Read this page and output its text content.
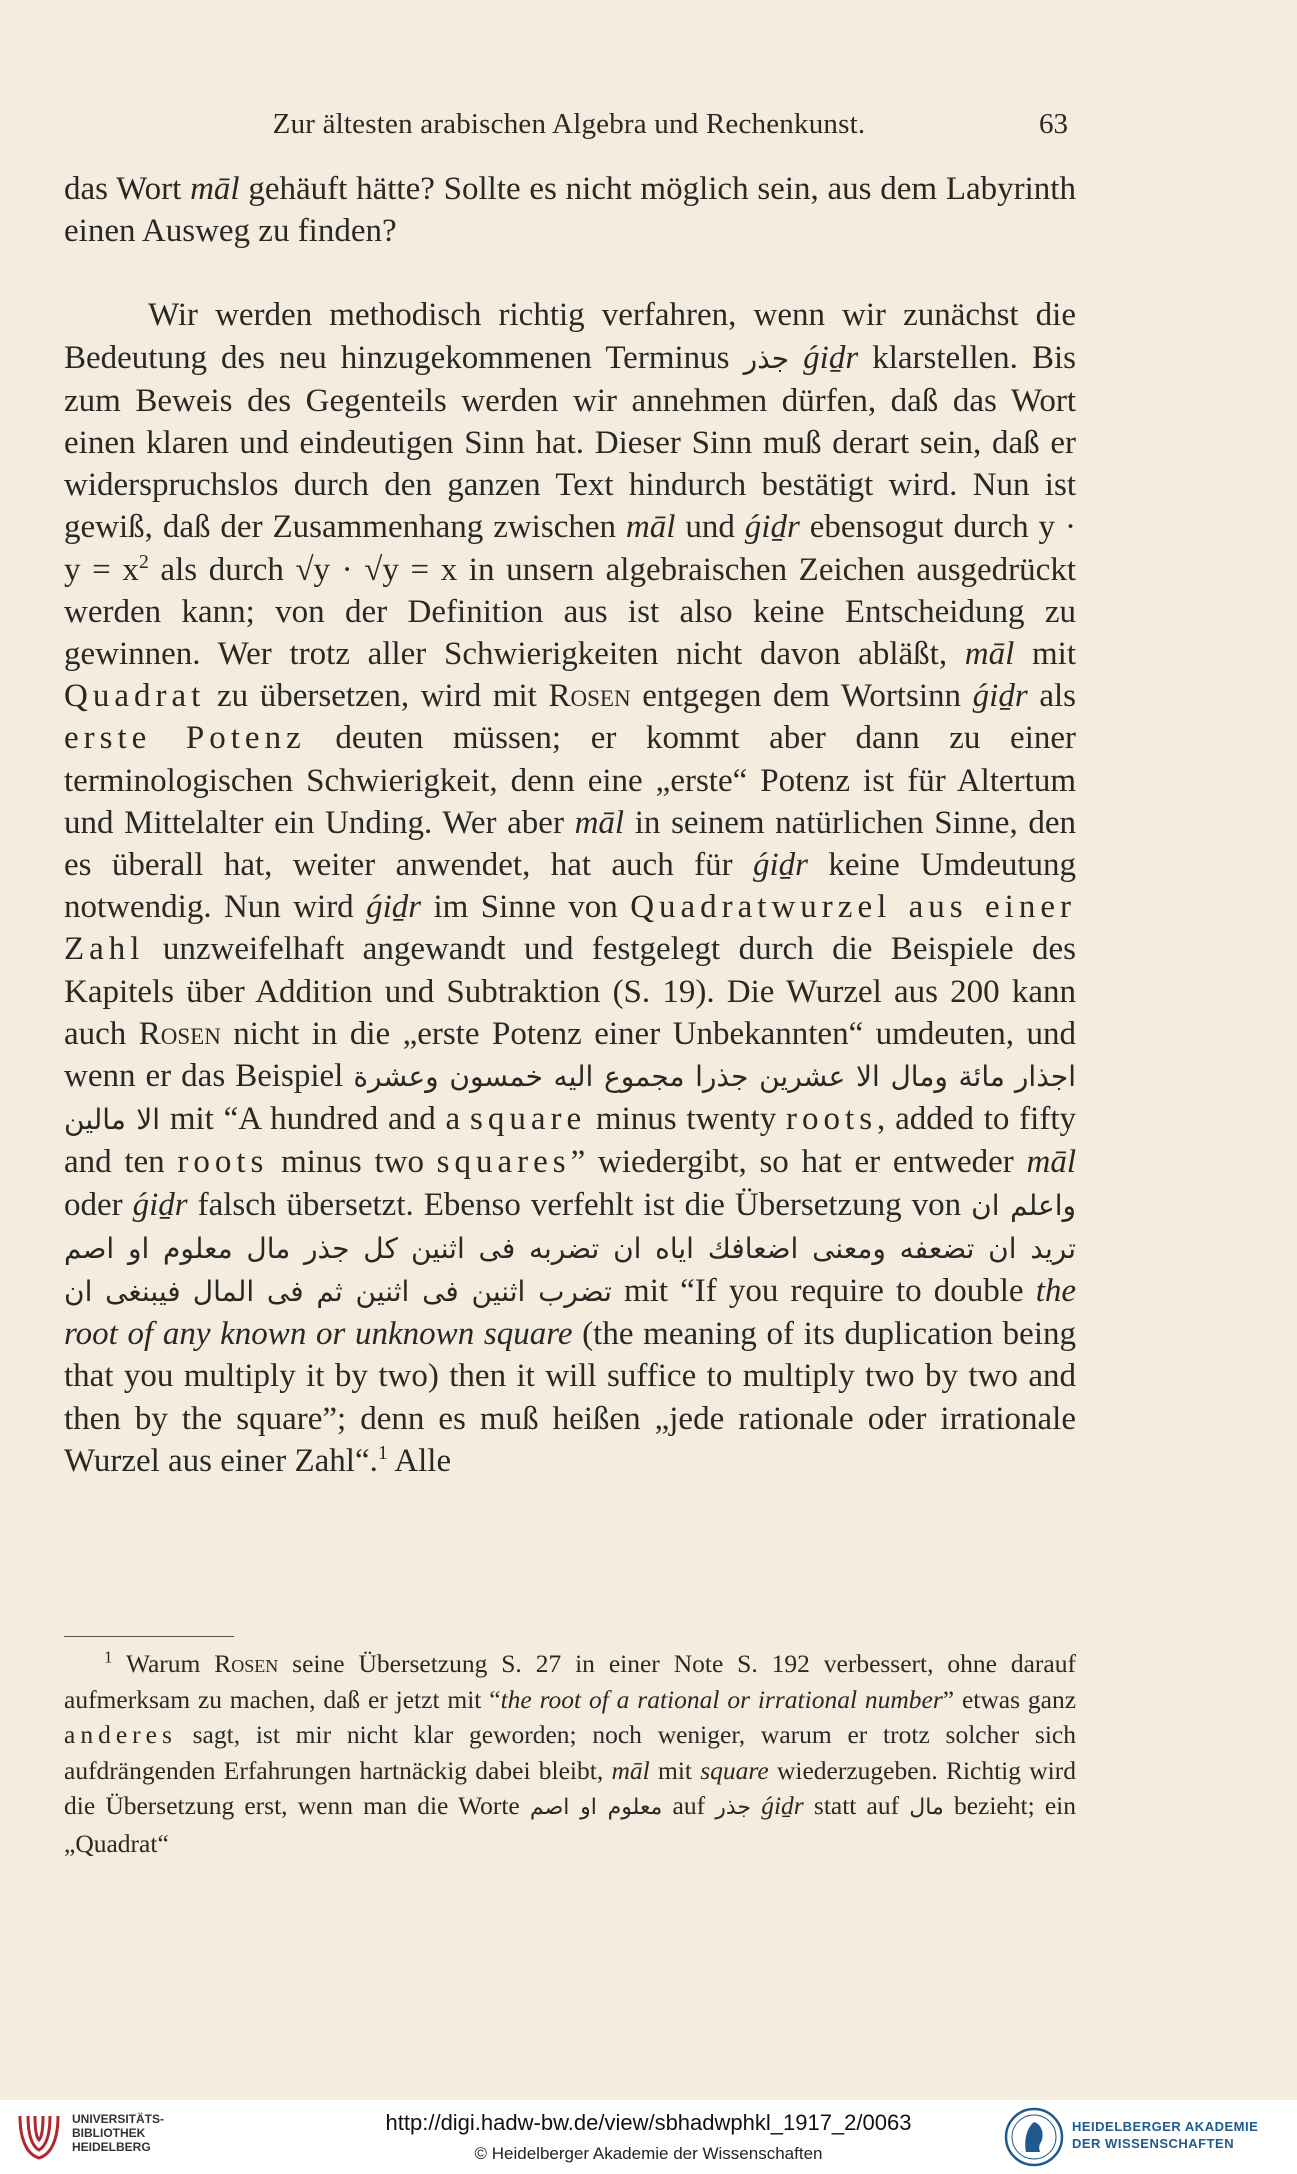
Zur ältesten arabischen Algebra und Rechenkunst.	63

das Wort māl gehäuft hätte? Sollte es nicht möglich sein, aus dem Labyrinth einen Ausweg zu finden?

Wir werden methodisch richtig verfahren, wenn wir zunächst die Bedeutung des neu hinzugekommenen Terminus جذر ǵiḏr klarstellen. Bis zum Beweis des Gegenteils werden wir annehmen dürfen, daß das Wort einen klaren und eindeutigen Sinn hat. Dieser Sinn muß derart sein, daß er widerspruchslos durch den ganzen Text hindurch bestätigt wird. Nun ist gewiß, daß der Zusammenhang zwischen māl und ǵiḏr ebensogut durch $y \cdot y = x^2$ als durch √y · √y = x in unsern algebraischen Zeichen ausgedrückt werden kann; von der Definition aus ist also keine Entscheidung zu gewinnen. Wer trotz aller Schwierigkeiten nicht davon abläßt, māl mit Quadrat zu übersetzen, wird mit Rosen entgegen dem Wortsinn ǵiḏr als erste Potenz deuten müssen; er kommt aber dann zu einer terminologischen Schwierigkeit, denn eine „erste“ Potenz ist für Altertum und Mittelalter ein Unding. Wer aber māl in seinem natürlichen Sinne, den es überall hat, weiter anwendet, hat auch für ǵiḏr keine Umdeutung notwendig. Nun wird ǵiḏr im Sinne von Quadratwurzel aus einer Zahl unzweifelhaft angewandt und festgelegt durch die Beispiele des Kapitels über Addition und Subtraktion (S. 19). Die Wurzel aus 200 kann auch Rosen nicht in die „erste Potenz einer Unbekannten“ umdeuten, und wenn er das Beispiel مائة ومال الا عشرين جذرا مجموع اليه خمسون وعشرة اجذار الا مالين mit “A hundred and a square minus twenty roots, added to fifty and ten roots minus two squares” wiedergibt, so hat er entweder māl oder ǵiḏr falsch übersetzt. Ebenso verfehlt ist die Übersetzung von واعلم ان كل جذر مال معلوم او اصم تريد ان تضعفه ومعنى اضعافك اياه ان تضربه فى اثنين فيبنغى ان تضرب اثنين فى اثنين ثم فى المال mit “If you require to double the root of any known or unknown square (the meaning of its duplication being that you multiply it by two) then it will suffice to multiply two by two and then by the square”; denn es muß heißen „jede rationale oder irrationale Wurzel aus einer Zahl“.$^1$ Alle

$^1$ Warum Rosen seine Übersetzung S. 27 in einer Note S. 192 verbessert, ohne darauf aufmerksam zu machen, daß er jetzt mit “the root of a rational or irrational number” etwas ganz anderes sagt, ist mir nicht klar geworden; noch weniger, warum er trotz solcher sich aufdrängenden Erfahrungen hartnäckig dabei bleibt, māl mit square wiederzugeben. Richtig wird die Übersetzung erst, wenn man die Worte معلوم او اصم auf جذر ǵiḏr statt auf مال bezieht; ein „Quadrat“

UNIVERSITÄTS-
BIBLIOTHEK
HEIDELBERG
http://digi.hadw-bw.de/view/sbhadwphkl_1917_2/0063
© Heidelberger Akademie der Wissenschaften
HEIDELBERGER AKADEMIE
DER WISSENSCHAFTEN
